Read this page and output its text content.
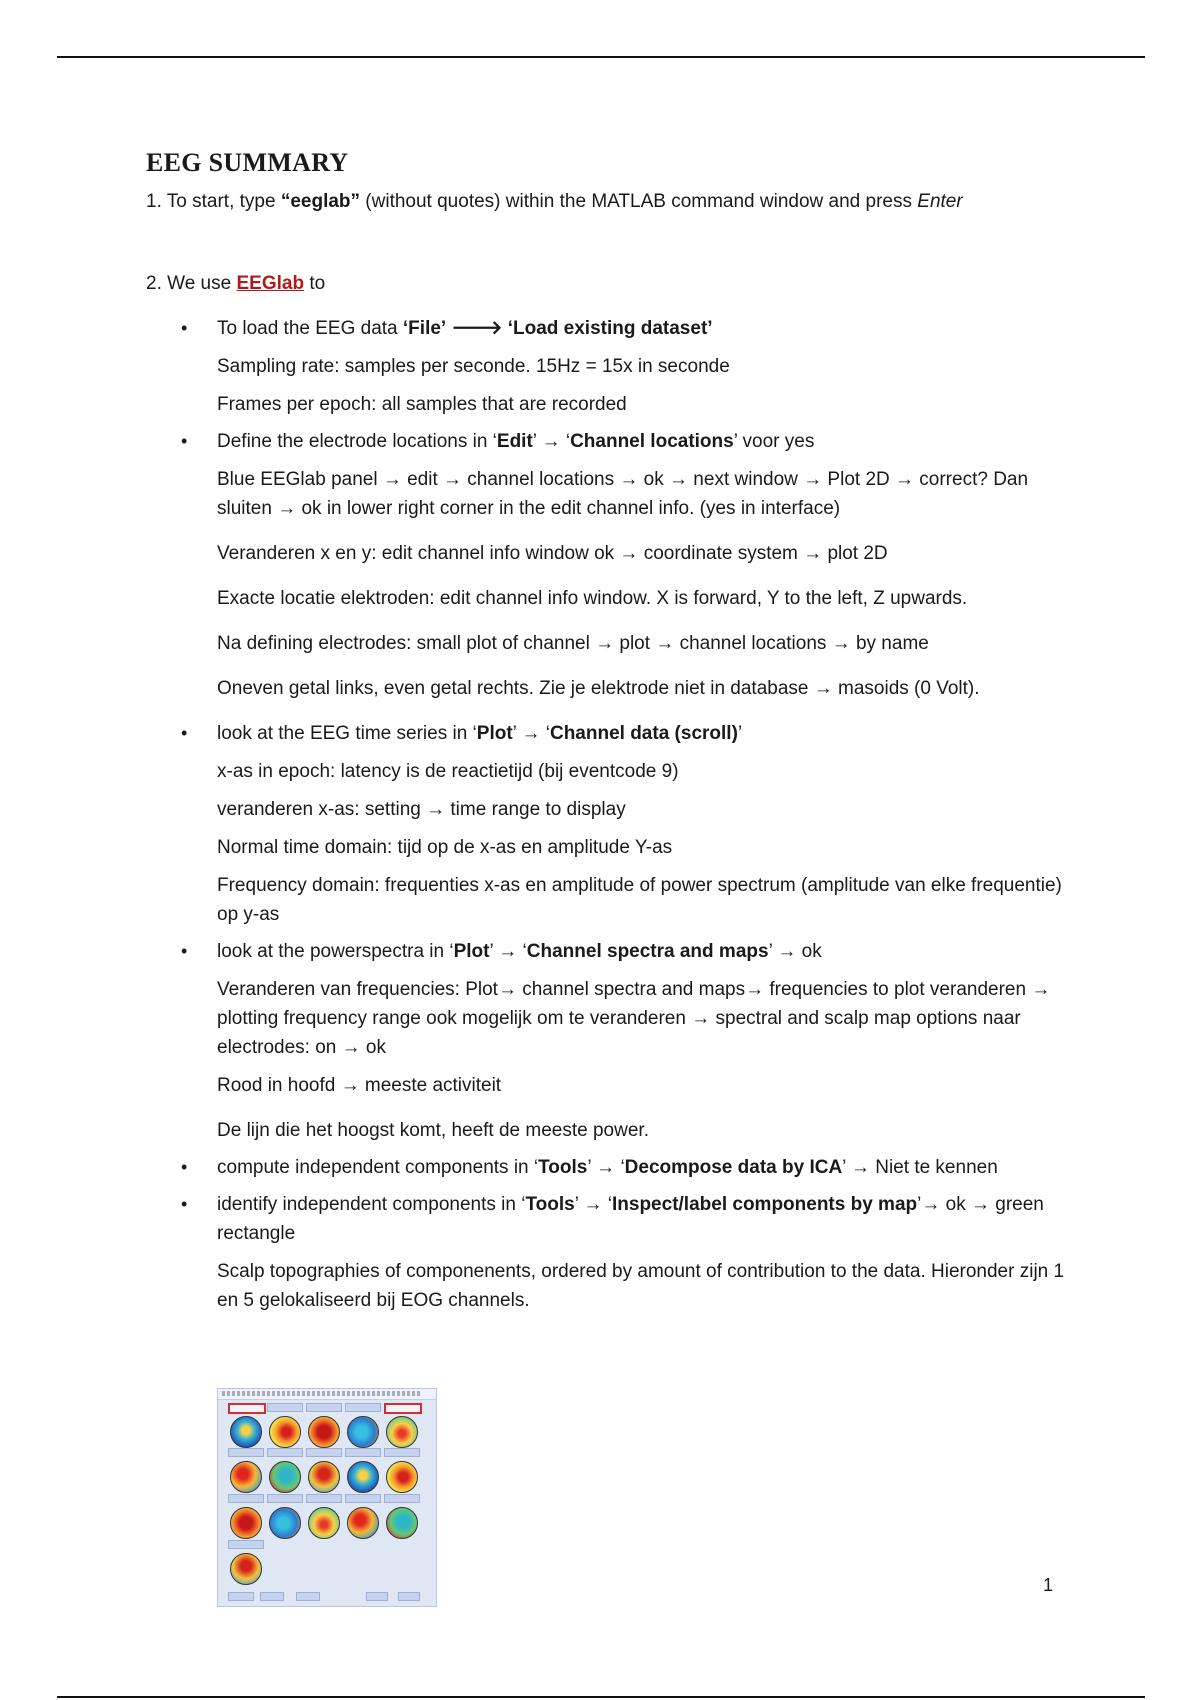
EEG SUMMARY

1. To start, type “eeglab” (without quotes) within the MATLAB command window and press Enter

2. We use EEGlab to

• To load the EEG data ‘File’ 🡒 ‘Load existing dataset’
Sampling rate: samples per seconde. 15Hz = 15x in seconde
Frames per epoch: all samples that are recorded
• Define the electrode locations in ‘Edit’ → ‘Channel locations’ voor yes
Blue EEGlab panel → edit → channel locations → ok → next window → Plot 2D → correct? Dan sluiten → ok in lower right corner in the edit channel info. (yes in interface)
Veranderen x en y: edit channel info window ok → coordinate system → plot 2D
Exacte locatie elektroden: edit channel info window. X is forward, Y to the left, Z upwards.
Na defining electrodes: small plot of channel → plot → channel locations → by name
Oneven getal links, even getal rechts. Zie je elektrode niet in database → masoids (0 Volt).
• look at the EEG time series in ‘Plot’ → ‘Channel data (scroll)’
x-as in epoch: latency is de reactietijd (bij eventcode 9)
veranderen x-as: setting → time range to display
Normal time domain: tijd op de x-as en amplitude Y-as
Frequency domain: frequenties x-as en amplitude of power spectrum (amplitude van elke frequentie) op y-as
• look at the powerspectra in ‘Plot’ → ‘Channel spectra and maps’ → ok
Veranderen van frequencies: Plot→ channel spectra and maps→ frequencies to plot veranderen → plotting frequency range ook mogelijk om te veranderen → spectral and scalp map options naar electrodes: on → ok
Rood in hoofd → meeste activiteit
De lijn die het hoogst komt, heeft de meeste power.
• compute independent components in ‘Tools’ → ‘Decompose data by ICA’ → Niet te kennen
• identify independent components in ‘Tools’ → ‘Inspect/label components by map’→ ok → green rectangle
Scalp topographies of componenents, ordered by amount of contribution to the data. Hieronder zijn 1 en 5 gelokaliseerd bij EOG channels.
1
